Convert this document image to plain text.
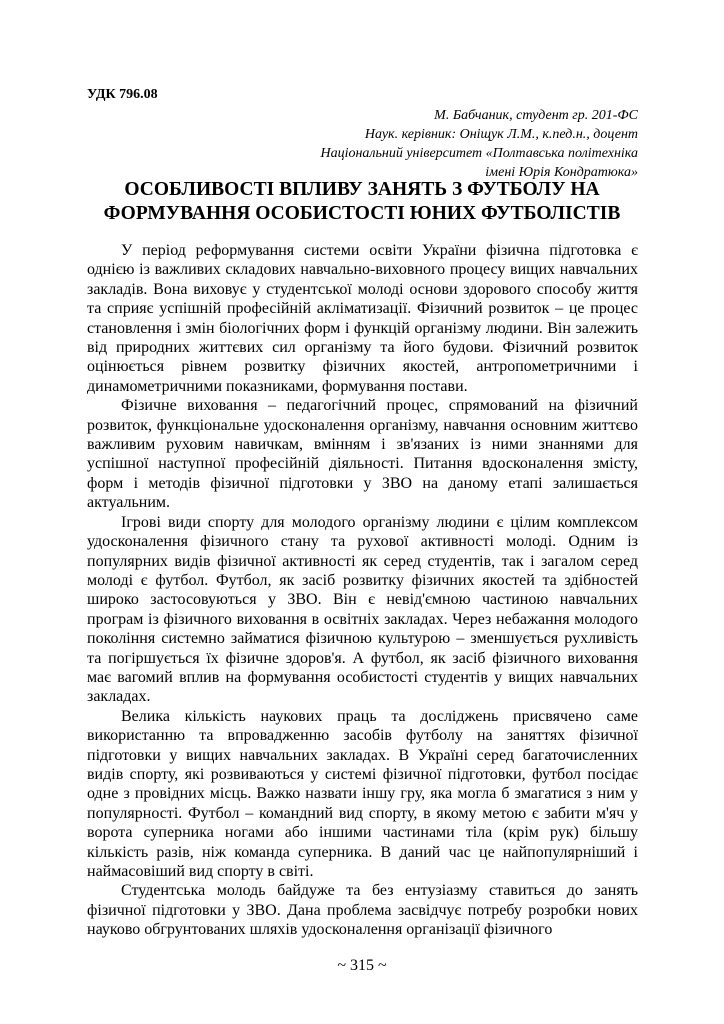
УДК 796.08
М. Бабчаник, студент гр. 201-ФС
Наук. керівник: Оніщук Л.М., к.пед.н., доцент
Національний університет «Полтавська політехніка
імені Юрія Кондратюка»
ОСОБЛИВОСТІ ВПЛИВУ ЗАНЯТЬ З ФУТБОЛУ НА
ФОРМУВАННЯ ОСОБИСТОСТІ ЮНИХ ФУТБОЛІСТІВ

У період реформування системи освіти України фізична підготовка є однією із важливих складових навчально-виховного процесу вищих навчальних закладів. Вона виховує у студентської молоді основи здорового способу життя та сприяє успішній професійній акліматизації. Фізичний розвиток – це процес становлення і змін біологічних форм і функцій організму людини. Він залежить від природних життєвих сил організму та його будови. Фізичний розвиток оцінюється рівнем розвитку фізичних якостей, антропометричними і динамометричними показниками, формування постави.

Фізичне виховання – педагогічний процес, спрямований на фізичний розвиток, функціональне удосконалення організму, навчання основним життєво важливим руховим навичкам, вмінням і зв'язаних із ними знаннями для успішної наступної професійній діяльності. Питання вдосконалення змісту, форм і методів фізичної підготовки у ЗВО на даному етапі залишається актуальним.

Ігрові види спорту для молодого організму людини є цілим комплексом удосконалення фізичного стану та рухової активності молоді. Одним із популярних видів фізичної активності як серед студентів, так і загалом серед молоді є футбол. Футбол, як засіб розвитку фізичних якостей та здібностей широко застосовуються у ЗВО. Він є невід'ємною частиною навчальних програм із фізичного виховання в освітніх закладах. Через небажання молодого покоління системно займатися фізичною культурою – зменшується рухливість та погіршується їх фізичне здоров'я. А футбол, як засіб фізичного виховання має вагомий вплив на формування особистості студентів у вищих навчальних закладах.

Велика кількість наукових праць та досліджень присвячено саме використанню та впровадженню засобів футболу на заняттях фізичної підготовки у вищих навчальних закладах. В Україні серед багаточисленних видів спорту, які розвиваються у системі фізичної підготовки, футбол посідає одне з провідних місць. Важко назвати іншу гру, яка могла б змагатися з ним у популярності. Футбол – командний вид спорту, в якому метою є забити м'яч у ворота суперника ногами або іншими частинами тіла (крім рук) більшу кількість разів, ніж команда суперника. В даний час це найпопулярніший і наймасовіший вид спорту в світі.

Студентська молодь байдуже та без ентузіазму ставиться до занять фізичної підготовки у ЗВО. Дана проблема засвідчує потребу розробки нових науково обгрунтованих шляхів удосконалення організації фізичного

~ 315 ~
